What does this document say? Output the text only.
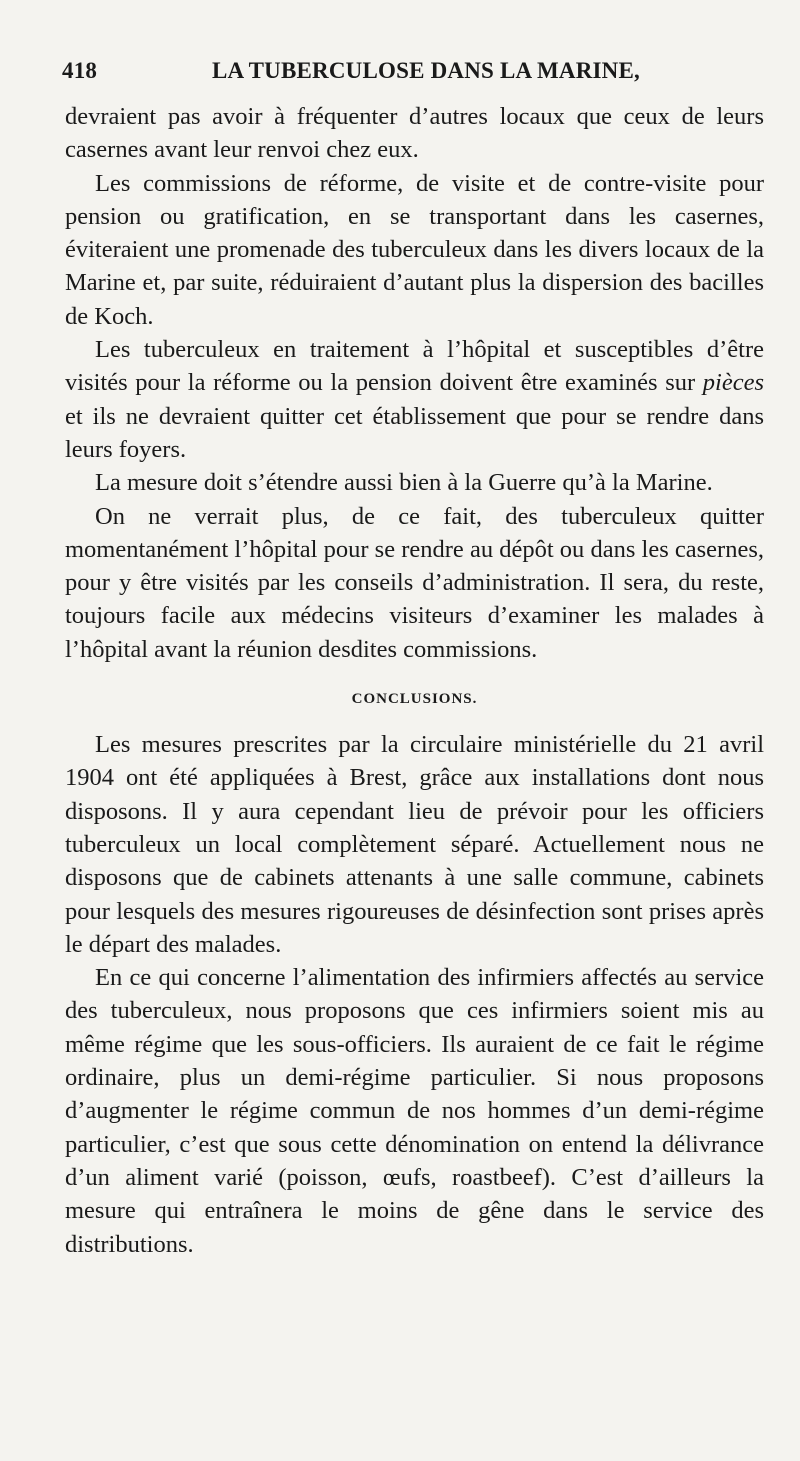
418	LA TUBERCULOSE DANS LA MARINE,

devraient pas avoir à fréquenter d’autres locaux que ceux de leurs casernes avant leur renvoi chez eux.

Les commissions de réforme, de visite et de contre-visite pour pension ou gratification, en se transportant dans les casernes, éviteraient une promenade des tuberculeux dans les divers locaux de la Marine et, par suite, réduiraient d’autant plus la dispersion des bacilles de Koch.

Les tuberculeux en traitement à l’hôpital et susceptibles d’être visités pour la réforme ou la pension doivent être examinés sur pièces et ils ne devraient quitter cet établissement que pour se rendre dans leurs foyers.

La mesure doit s’étendre aussi bien à la Guerre qu’à la Marine.

On ne verrait plus, de ce fait, des tuberculeux quitter momentanément l’hôpital pour se rendre au dépôt ou dans les casernes, pour y être visités par les conseils d’administration. Il sera, du reste, toujours facile aux médecins visiteurs d’examiner les malades à l’hôpital avant la réunion desdites commissions.

CONCLUSIONS.

Les mesures prescrites par la circulaire ministérielle du 21 avril 1904 ont été appliquées à Brest, grâce aux installations dont nous disposons. Il y aura cependant lieu de prévoir pour les officiers tuberculeux un local complètement séparé. Actuellement nous ne disposons que de cabinets attenants à une salle commune, cabinets pour lesquels des mesures rigoureuses de désinfection sont prises après le départ des malades.

En ce qui concerne l’alimentation des infirmiers affectés au service des tuberculeux, nous proposons que ces infirmiers soient mis au même régime que les sous-officiers. Ils auraient de ce fait le régime ordinaire, plus un demi-régime particulier. Si nous proposons d’augmenter le régime commun de nos hommes d’un demi-régime particulier, c’est que sous cette dénomination on entend la délivrance d’un aliment varié (poisson, œufs, roastbeef). C’est d’ailleurs la mesure qui entraînera le moins de gêne dans le service des distributions.
